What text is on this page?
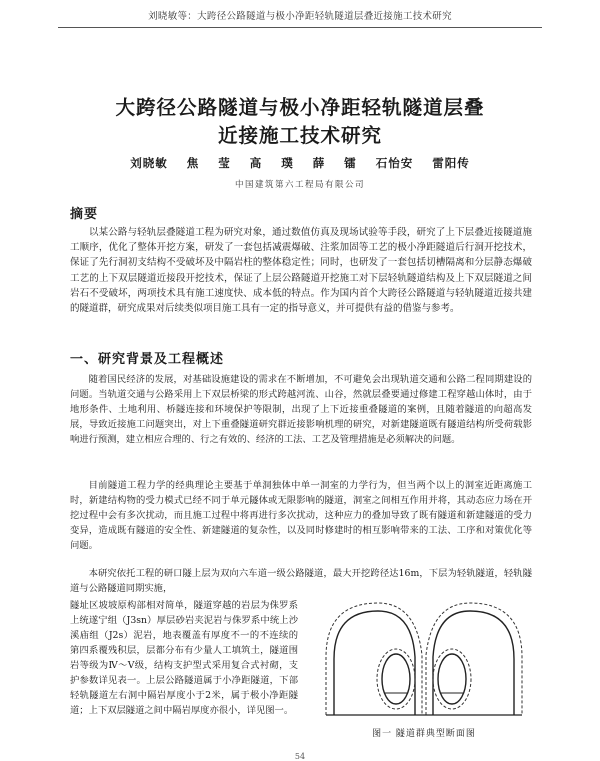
刘晓敏等：大跨径公路隧道与极小净距轻轨隧道层叠近接施工技术研究
大跨径公路隧道与极小净距轻轨隧道层叠
近接施工技术研究
刘晓敏 焦 莹 高 璞 薛 镭 石怡安 雷阳传
中国建筑第六工程局有限公司
摘要

以某公路与轻轨层叠隧道工程为研究对象，通过数值仿真及现场试验等手段，研究了上下层叠近接隧道施工顺序，优化了整体开挖方案，研发了一套包括减震爆破、注浆加固等工艺的极小净距隧道后行洞开挖技术，保证了先行洞初支结构不受破坏及中隔岩柱的整体稳定性；同时，也研发了一套包括切槽隔离和分层静态爆破工艺的上下双层隧道近接段开挖技术，保证了上层公路隧道开挖施工对下层轻轨隧道结构及上下双层隧道之间岩石不受破坏，两项技术具有施工速度快、成本低的特点。作为国内首个大跨径公路隧道与轻轨隧道近接共建的隧道群，研究成果对后续类似项目施工具有一定的指导意义，并可提供有益的借鉴与参考。

一、研究背景及工程概述

随着国民经济的发展，对基础设施建设的需求在不断增加，不可避免会出现轨道交通和公路二程同期建设的问题。当轨道交通与公路采用上下双层桥梁的形式跨越河流、山谷，然就层叠要通过修建工程穿越山体时，由于地形条件、土地利用、桥隧连接和环境保护等限制，出现了上下近接重叠隧道的案例，且随着隧道的向超高发展，导致近接施工问题突出，对上下重叠隧道研究群近接影响机理的研究，对新建隧道既有隧道结构所受荷载影响进行预测，建立相应合理的、行之有效的、经济的工法、工艺及管理措施是必须解决的问题。

目前隧道工程力学的经典理论主要基于单洞独体中单一洞室的力学行为，但当两个以上的洞室近距离施工时，新建结构物的受力模式已经不同于单元隧体或无限影响的隧道，洞室之间相互作用并将，其动态应力场在开挖过程中会有多次扰动，而且施工过程中将再进行多次扰动，这种应力的叠加导致了既有隧道和新建隧道的受力变异，造成既有隧道的安全性、新建隧道的复杂性，以及同时修建时的相互影响带来的工法、工序和对策优化等问题。

本研究依托工程的研口隧上层为双向六车道一级公路隧道，最大开挖跨径达16m，下层为轻轨隧道，轻轨隧道与公路隧道同期实施，

隧址区坡坡原构部相对简单，隧道穿越的岩层为侏罗系上统遂宁组（J3sn）厚层砂岩夹泥岩与侏罗系中统上沙溪庙组（J2s）泥岩，地表覆盖有厚度不一的不连续的第四系覆残积层，层都分布有少量人工填筑土，隧道围岩等级为Ⅳ～Ⅴ级，结构支护型式采用复合式衬砌，支护参数详见表一。上层公路隧道属于小净距隧道，下部轻轨隧道左右洞中隔岩厚度小于2米，属于极小净距隧道；上下双层隧道之间中隔岩厚度亦很小，详见图一。

图一 隧道群典型断面图
54
